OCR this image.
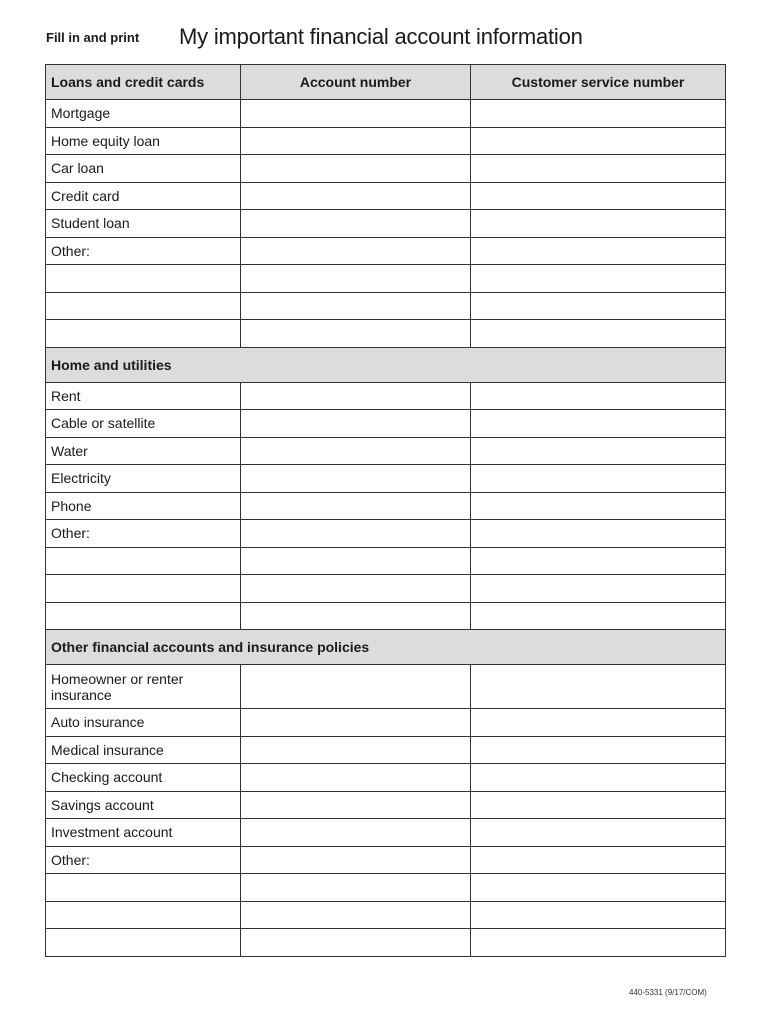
Fill in and print My important financial account information
Loans and credit cards	Account number	Customer service number
Mortgage		
Home equity loan		
Car loan		
Credit card		
Student loan		
Other:		

Home and utilities		
Rent		
Cable or satellite		
Water		
Electricity		
Phone		
Other:		

Other financial accounts and insurance policies		
Homeowner or renter insurance		
Auto insurance		
Medical insurance		
Checking account		
Savings account		
Investment account		
Other:		

440-5331 (9/17/COM)
